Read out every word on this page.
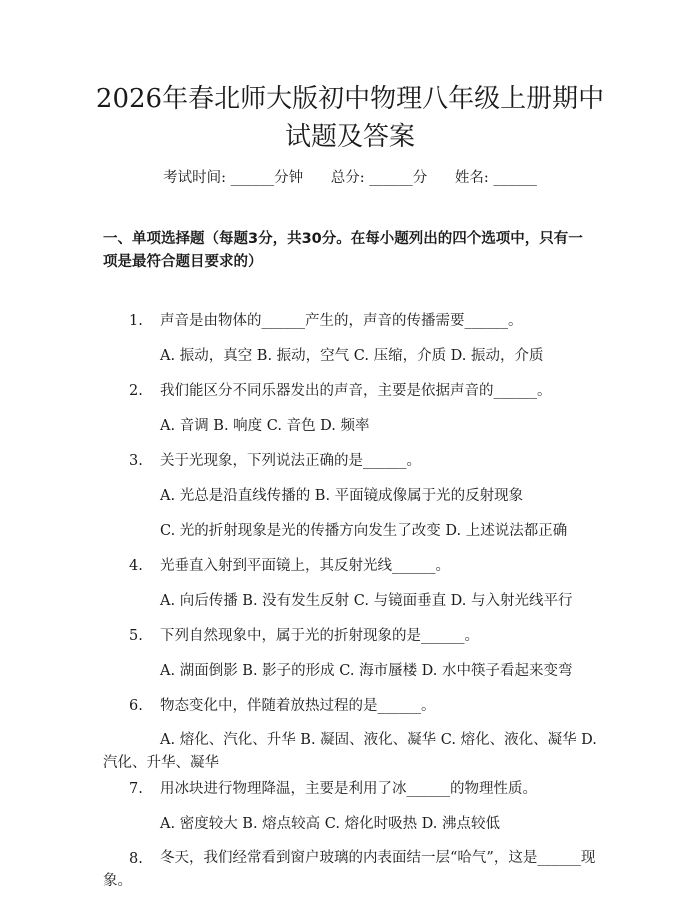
2026年春北师大版初中物理八年级上册期中
试题及答案
考试时间: ______分钟      总分: ______分      姓名: ______
一、单项选择题（每题3分，共30分。在每小题列出的四个选项中，只有一项是最符合题目要求的）
1. 声音是由物体的______产生的，声音的传播需要______。
A. 振动，真空 B. 振动，空气 C. 压缩，介质 D. 振动，介质
2. 我们能区分不同乐器发出的声音，主要是依据声音的______。
A. 音调 B. 响度 C. 音色 D. 频率
3. 关于光现象，下列说法正确的是______。
A. 光总是沿直线传播的 B. 平面镜成像属于光的反射现象
C. 光的折射现象是光的传播方向发生了改变 D. 上述说法都正确
4. 光垂直入射到平面镜上，其反射光线______。
A. 向后传播 B. 没有发生反射 C. 与镜面垂直 D. 与入射光线平行
5. 下列自然现象中，属于光的折射现象的是______。
A. 湖面倒影 B. 影子的形成 C. 海市蜃楼 D. 水中筷子看起来变弯
6. 物态变化中，伴随着放热过程的是______。
A. 熔化、汽化、升华 B. 凝固、液化、凝华 C. 熔化、液化、凝华 D. 汽化、升华、凝华
7. 用冰块进行物理降温，主要是利用了冰______的物理性质。
A. 密度较大 B. 熔点较高 C. 熔化时吸热 D. 沸点较低
8.	冬天，我们经常看到窗户玻璃的内表面结一层“哈气”，这是______现象。
